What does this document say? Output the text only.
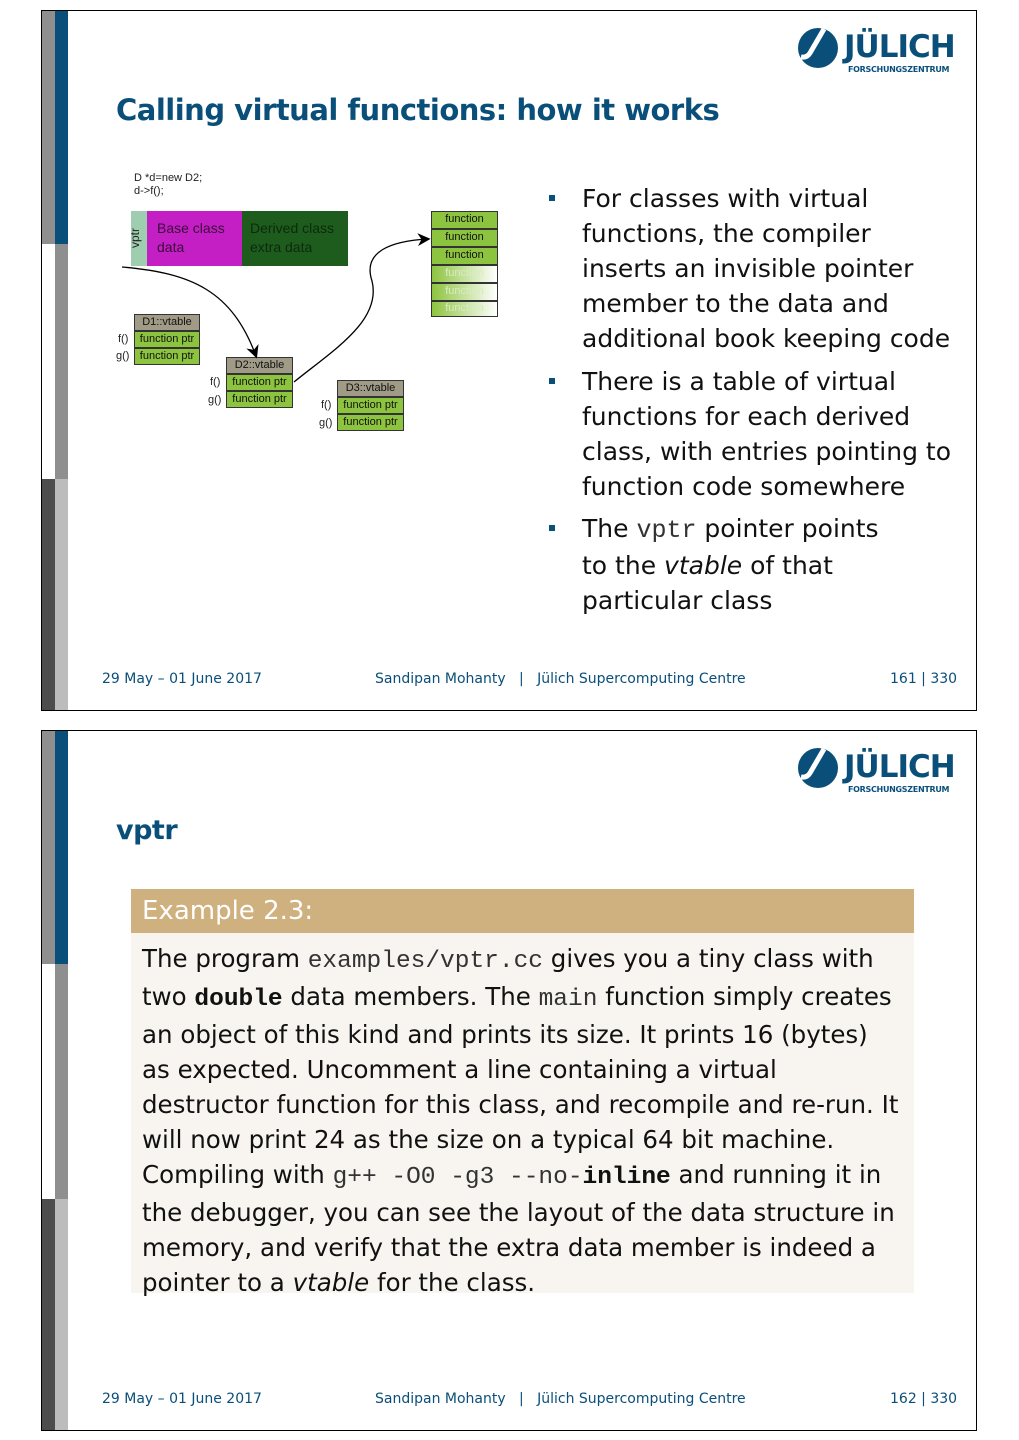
JÜLICH
FORSCHUNGSZENTRUM
Calling virtual functions: how it works
D *d=new D2;
d->f();
vptr	Base class data
Derived class extra data
function
function
function
function
function
function
D1::vtable
f()	function ptr
g() function ptr
D2::vtable
f()	function ptr
g() function ptr
D3::vtable
f()	function ptr
g() function ptr
For classes with virtual functions, the compiler inserts an invisible pointer member to the data and additional book keeping code
There is a table of virtual functions for each derived class, with entries pointing to function code somewhere
The vptr pointer points to the vtable of that particular class
29 May – 01 June 2017	Sandipan Mohanty | Jülich Supercomputing Centre	161 | 330
JÜLICH
FORSCHUNGSZENTRUM
vptr
Example 2.3:
The program examples/vptr.cc gives you a tiny class with two double data members. The main function simply creates an object of this kind and prints its size. It prints 16 (bytes) as expected. Uncomment a line containing a virtual destructor function for this class, and recompile and re-run. It will now print 24 as the size on a typical 64 bit machine. Compiling with g++ -O0 -g3 --no-inline and running it in the debugger, you can see the layout of the data structure in memory, and verify that the extra data member is indeed a pointer to a vtable for the class.
29 May – 01 June 2017	Sandipan Mohanty | Jülich Supercomputing Centre	162 | 330
